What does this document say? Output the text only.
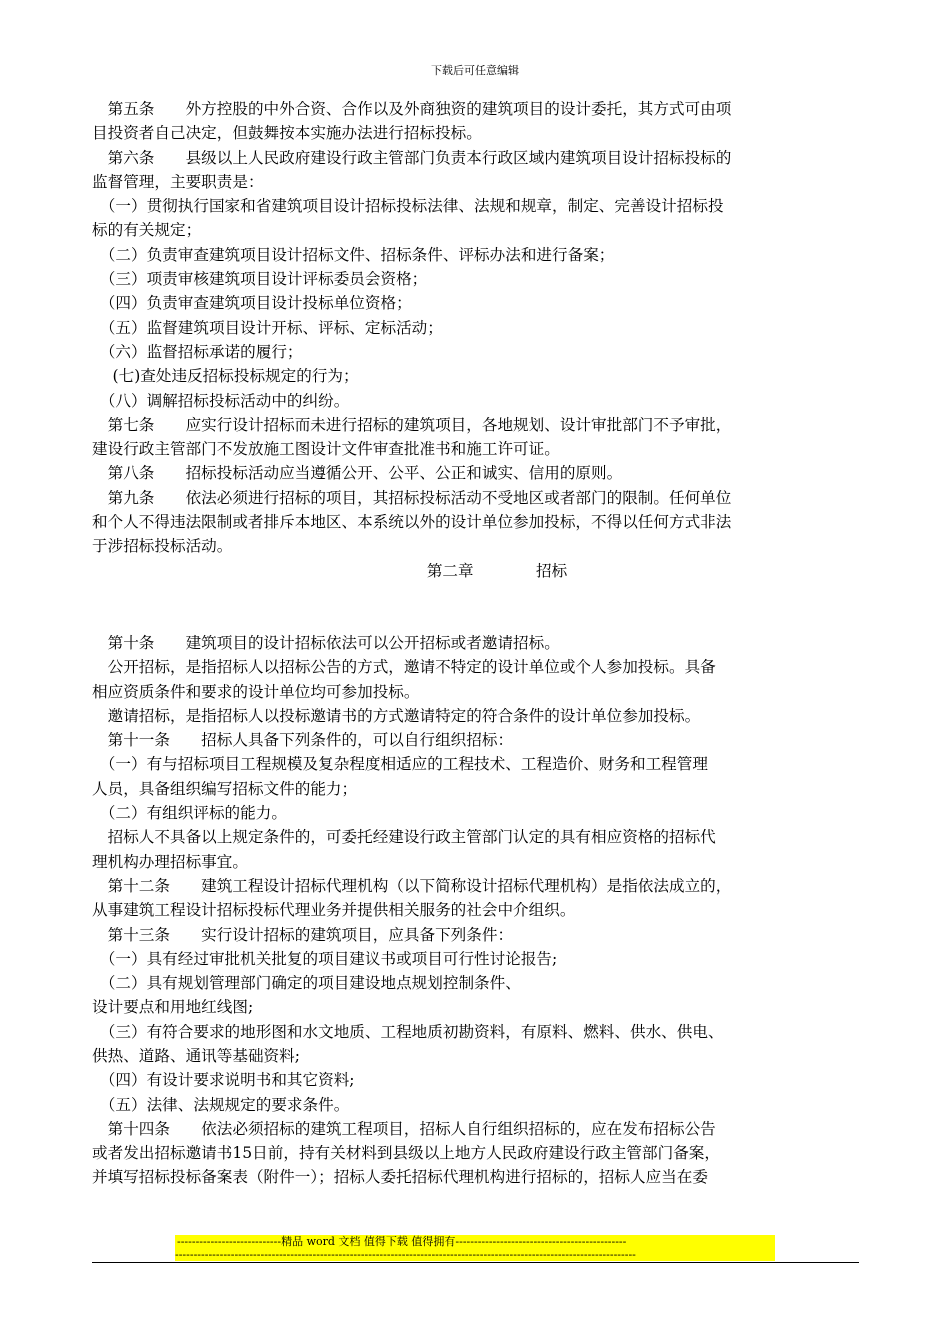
下载后可任意编辑
　第五条　　外方控股的中外合资、合作以及外商独资的建筑项目的设计委托，其方式可由项
目投资者自己决定，但鼓舞按本实施办法进行招标投标。
　第六条　　县级以上人民政府建设行政主管部门负责本行政区域内建筑项目设计招标投标的
监督管理，主要职责是：
　（一）贯彻执行国家和省建筑项目设计招标投标法律、法规和规章，制定、完善设计招标投
标的有关规定；
　（二）负责审查建筑项目设计招标文件、招标条件、评标办法和进行备案；
　（三）项责审核建筑项目设计评标委员会资格；
　（四）负责审查建筑项目设计投标单位资格；
　（五）监督建筑项目设计开标、评标、定标活动；
　（六）监督招标承诺的履行；
　 (七)查处违反招标投标规定的行为；
　（八）调解招标投标活动中的纠纷。
　第七条　　应实行设计招标而未进行招标的建筑项目，各地规划、设计审批部门不予审批，
建设行政主管部门不发放施工图设计文件审查批准书和施工许可证。
　第八条　　招标投标活动应当遵循公开、公平、公正和诚实、信用的原则。
　第九条　　依法必须进行招标的项目，其招标投标活动不受地区或者部门的限制。任何单位
和个人不得违法限制或者排斥本地区、本系统以外的设计单位参加投标，不得以任何方式非法
于涉招标投标活动。
第二章　　　　招标
　第十条　　建筑项目的设计招标依法可以公开招标或者邀请招标。
　公开招标，是指招标人以招标公告的方式，邀请不特定的设计单位或个人参加投标。具备
相应资质条件和要求的设计单位均可参加投标。
　邀请招标，是指招标人以投标邀请书的方式邀请特定的符合条件的设计单位参加投标。
　第十一条　　招标人具备下列条件的，可以自行组织招标：
　（一）有与招标项目工程规模及复杂程度相适应的工程技术、工程造价、财务和工程管理
人员，具备组织编写招标文件的能力；
　（二）有组织评标的能力。
　招标人不具备以上规定条件的，可委托经建设行政主管部门认定的具有相应资格的招标代
理机构办理招标事宜。
　第十二条　　建筑工程设计招标代理机构（以下简称设计招标代理机构）是指依法成立的，
从事建筑工程设计招标投标代理业务并提供相关服务的社会中介组织。
　第十三条　　实行设计招标的建筑项目，应具备下列条件：
　（一）具有经过审批机关批复的项目建议书或项目可行性讨论报告;
　（二）具有规划管理部门确定的项目建设地点规划控制条件、
设计要点和用地红线图;
　（三）有符合要求的地形图和水文地质、工程地质初勘资料，有原料、燃料、供水、供电、
供热、道路、通讯等基础资料;
　（四）有设计要求说明书和其它资料;
　（五）法律、法规规定的要求条件。
　第十四条　　依法必须招标的建筑工程项目，招标人自行组织招标的，应在发布招标公告
或者发出招标邀请书15日前，持有关材料到县级以上地方人民政府建设行政主管部门备案，
并填写招标投标备案表（附件一）；招标人委托招标代理机构进行招标的，招标人应当在委
----------------------------精品 word 文档 值得下载 值得拥有----------------------------------------------
----------------------------------------------------------------------------------------------------------------------------
